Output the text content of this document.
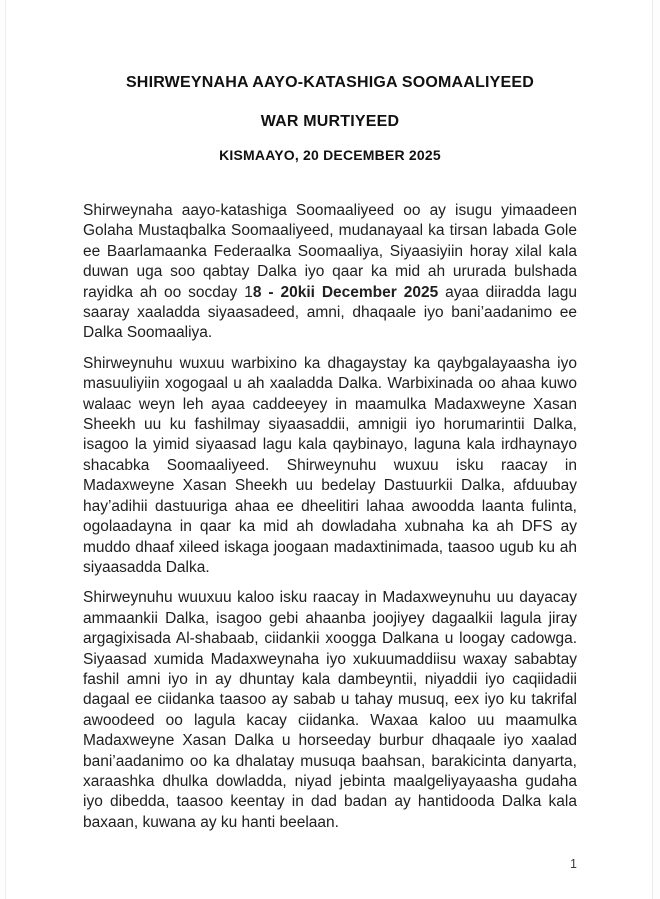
SHIRWEYNAHA AAYO-KATASHIGA SOOMAALIYEED
WAR MURTIYEED
KISMAAYO, 20 DECEMBER 2025

Shirweynaha aayo-katashiga Soomaaliyeed oo ay isugu yimaadeen Golaha Mustaqbalka Soomaaliyeed, mudanayaal ka tirsan labada Gole ee Baarlamaanka Federaalka Soomaaliya, Siyaasiyiin horay xilal kala duwan uga soo qabtay Dalka iyo qaar ka mid ah ururada bulshada rayidka ah oo socday 18 - 20kii December 2025 ayaa diiradda lagu saaray xaaladda siyaasadeed, amni, dhaqaale iyo bani’aadanimo ee Dalka Soomaaliya.

Shirweynuhu wuxuu warbixino ka dhagaystay ka qaybgalayaasha iyo masuuliyiin xogogaal u ah xaaladda Dalka. Warbixinada oo ahaa kuwo walaac weyn leh ayaa caddeeyey in maamulka Madaxweyne Xasan Sheekh uu ku fashilmay siyaasaddii, amnigii iyo horumarintii Dalka, isagoo la yimid siyaasad lagu kala qaybinayo, laguna kala irdhaynayo shacabka Soomaaliyeed. Shirweynuhu wuxuu isku raacay in Madaxweyne Xasan Sheekh uu bedelay Dastuurkii Dalka, afduubay hay’adihii dastuuriga ahaa ee dheelitiri lahaa awoodda laanta fulinta, ogolaadayna in qaar ka mid ah dowladaha xubnaha ka ah DFS ay muddo dhaaf xileed iskaga joogaan madaxtinimada, taasoo ugub ku ah siyaasadda Dalka.

Shirweynuhu wuuxuu kaloo isku raacay in Madaxweynuhu uu dayacay ammaankii Dalka, isagoo gebi ahaanba joojiyey dagaalkii lagula jiray argagixisada Al-shabaab, ciidankii xoogga Dalkana u loogay cadowga. Siyaasad xumida Madaxweynaha iyo xukuumaddiisu waxay sababtay fashil amni iyo in ay dhuntay kala dambeyntii, niyaddii iyo caqiidadii dagaal ee ciidanka taasoo ay sabab u tahay musuq, eex iyo ku takrifal awoodeed oo lagula kacay ciidanka. Waxaa kaloo uu maamulka Madaxweyne Xasan Dalka u horseeday burbur dhaqaale iyo xaalad bani’aadanimo oo ka dhalatay musuqa baahsan, barakicinta danyarta, xaraashka dhulka dowladda, niyad jebinta maalgeliyayaasha gudaha iyo dibedda, taasoo keentay in dad badan ay hantidooda Dalka kala baxaan, kuwana ay ku hanti beelaan.

1
